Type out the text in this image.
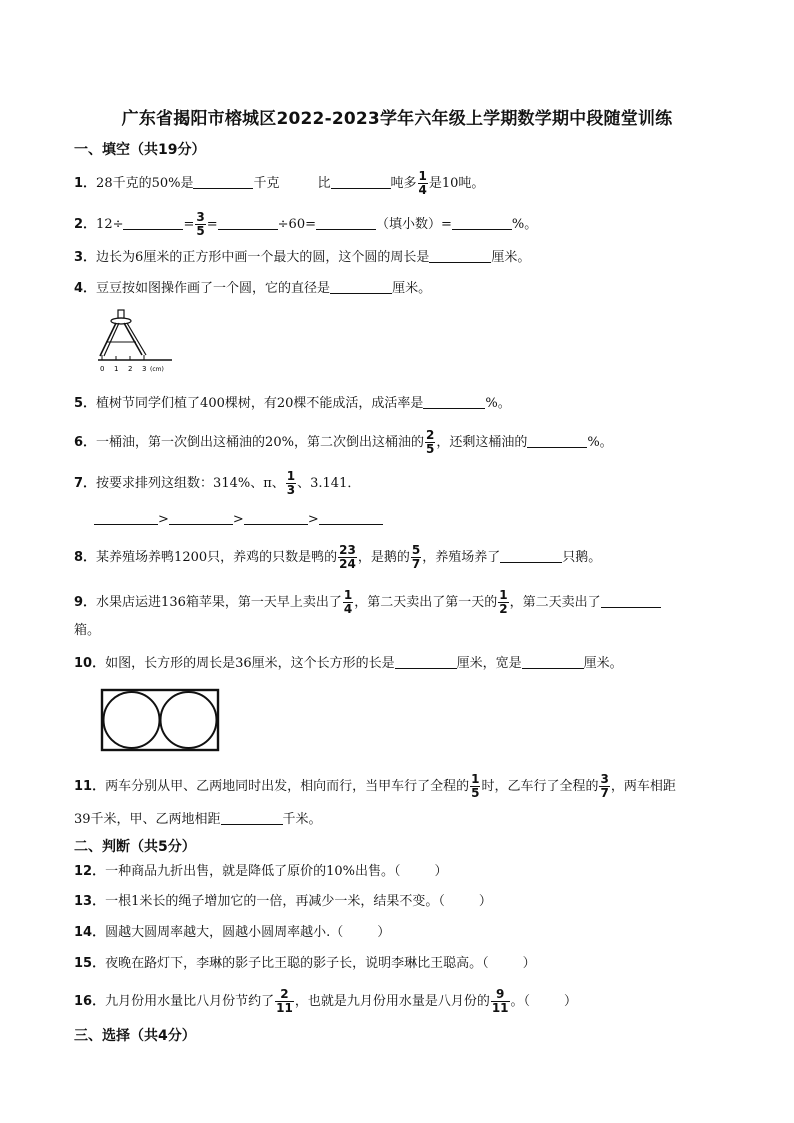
广东省揭阳市榕城区2022-2023学年六年级上学期数学期中段随堂训练
一、填空（共19分）
1．28千克的50%是	千克	比	吨多 $\frac{1}{4}$ 是10吨。
2．12÷	= $\frac{3}{5}$ =	÷60=	（填小数）=	%。
3．边长为6厘米的正方形中画一个最大的圆，这个圆的周长是	厘米。
4．豆豆按如图操作画了一个圆，它的直径是	厘米。
0 1 2 3 (cm)
5．植树节同学们植了400棵树，有20棵不能成活，成活率是	%。
6．一桶油，第一次倒出这桶油的20%，第二次倒出这桶油的 $\frac{2}{5}$ ，还剩这桶油的	%。
7．按要求排列这组数：314%、π、 $\frac{1}{3}$ 、3.141．
>	>	>
8．某养殖场养鸭1200只，养鸡的只数是鸭的 $\frac{23}{24}$ ，是鹅的 $\frac{5}{7}$ ，养殖场养了	只鹅。
9．水果店运进136箱苹果，第一天早上卖出了 $\frac{1}{4}$ ，第二天卖出了第一天的 $\frac{1}{2}$ ，第二天卖出了
箱。
10．如图，长方形的周长是36厘米，这个长方形的长是	厘米，宽是	厘米。
11．两车分别从甲、乙两地同时出发，相向而行，当甲车行了全程的 $\frac{1}{5}$ 时，乙车行了全程的 $\frac{3}{7}$ ，两车相距
39千米，甲、乙两地相距	千米。
二、判断（共5分）
12．一种商品九折出售，就是降低了原价的10%出售。（	）
13．一根1米长的绳子增加它的一倍，再减少一米，结果不变。（	）
14．圆越大圆周率越大，圆越小圆周率越小.（	）
15．夜晚在路灯下，李琳的影子比王聪的影子长，说明李琳比王聪高。（	）
16．九月份用水量比八月份节约了 $\frac{2}{11}$ ，也就是九月份用水量是八月份的 $\frac{9}{11}$ 。（	）
三、选择（共4分）
